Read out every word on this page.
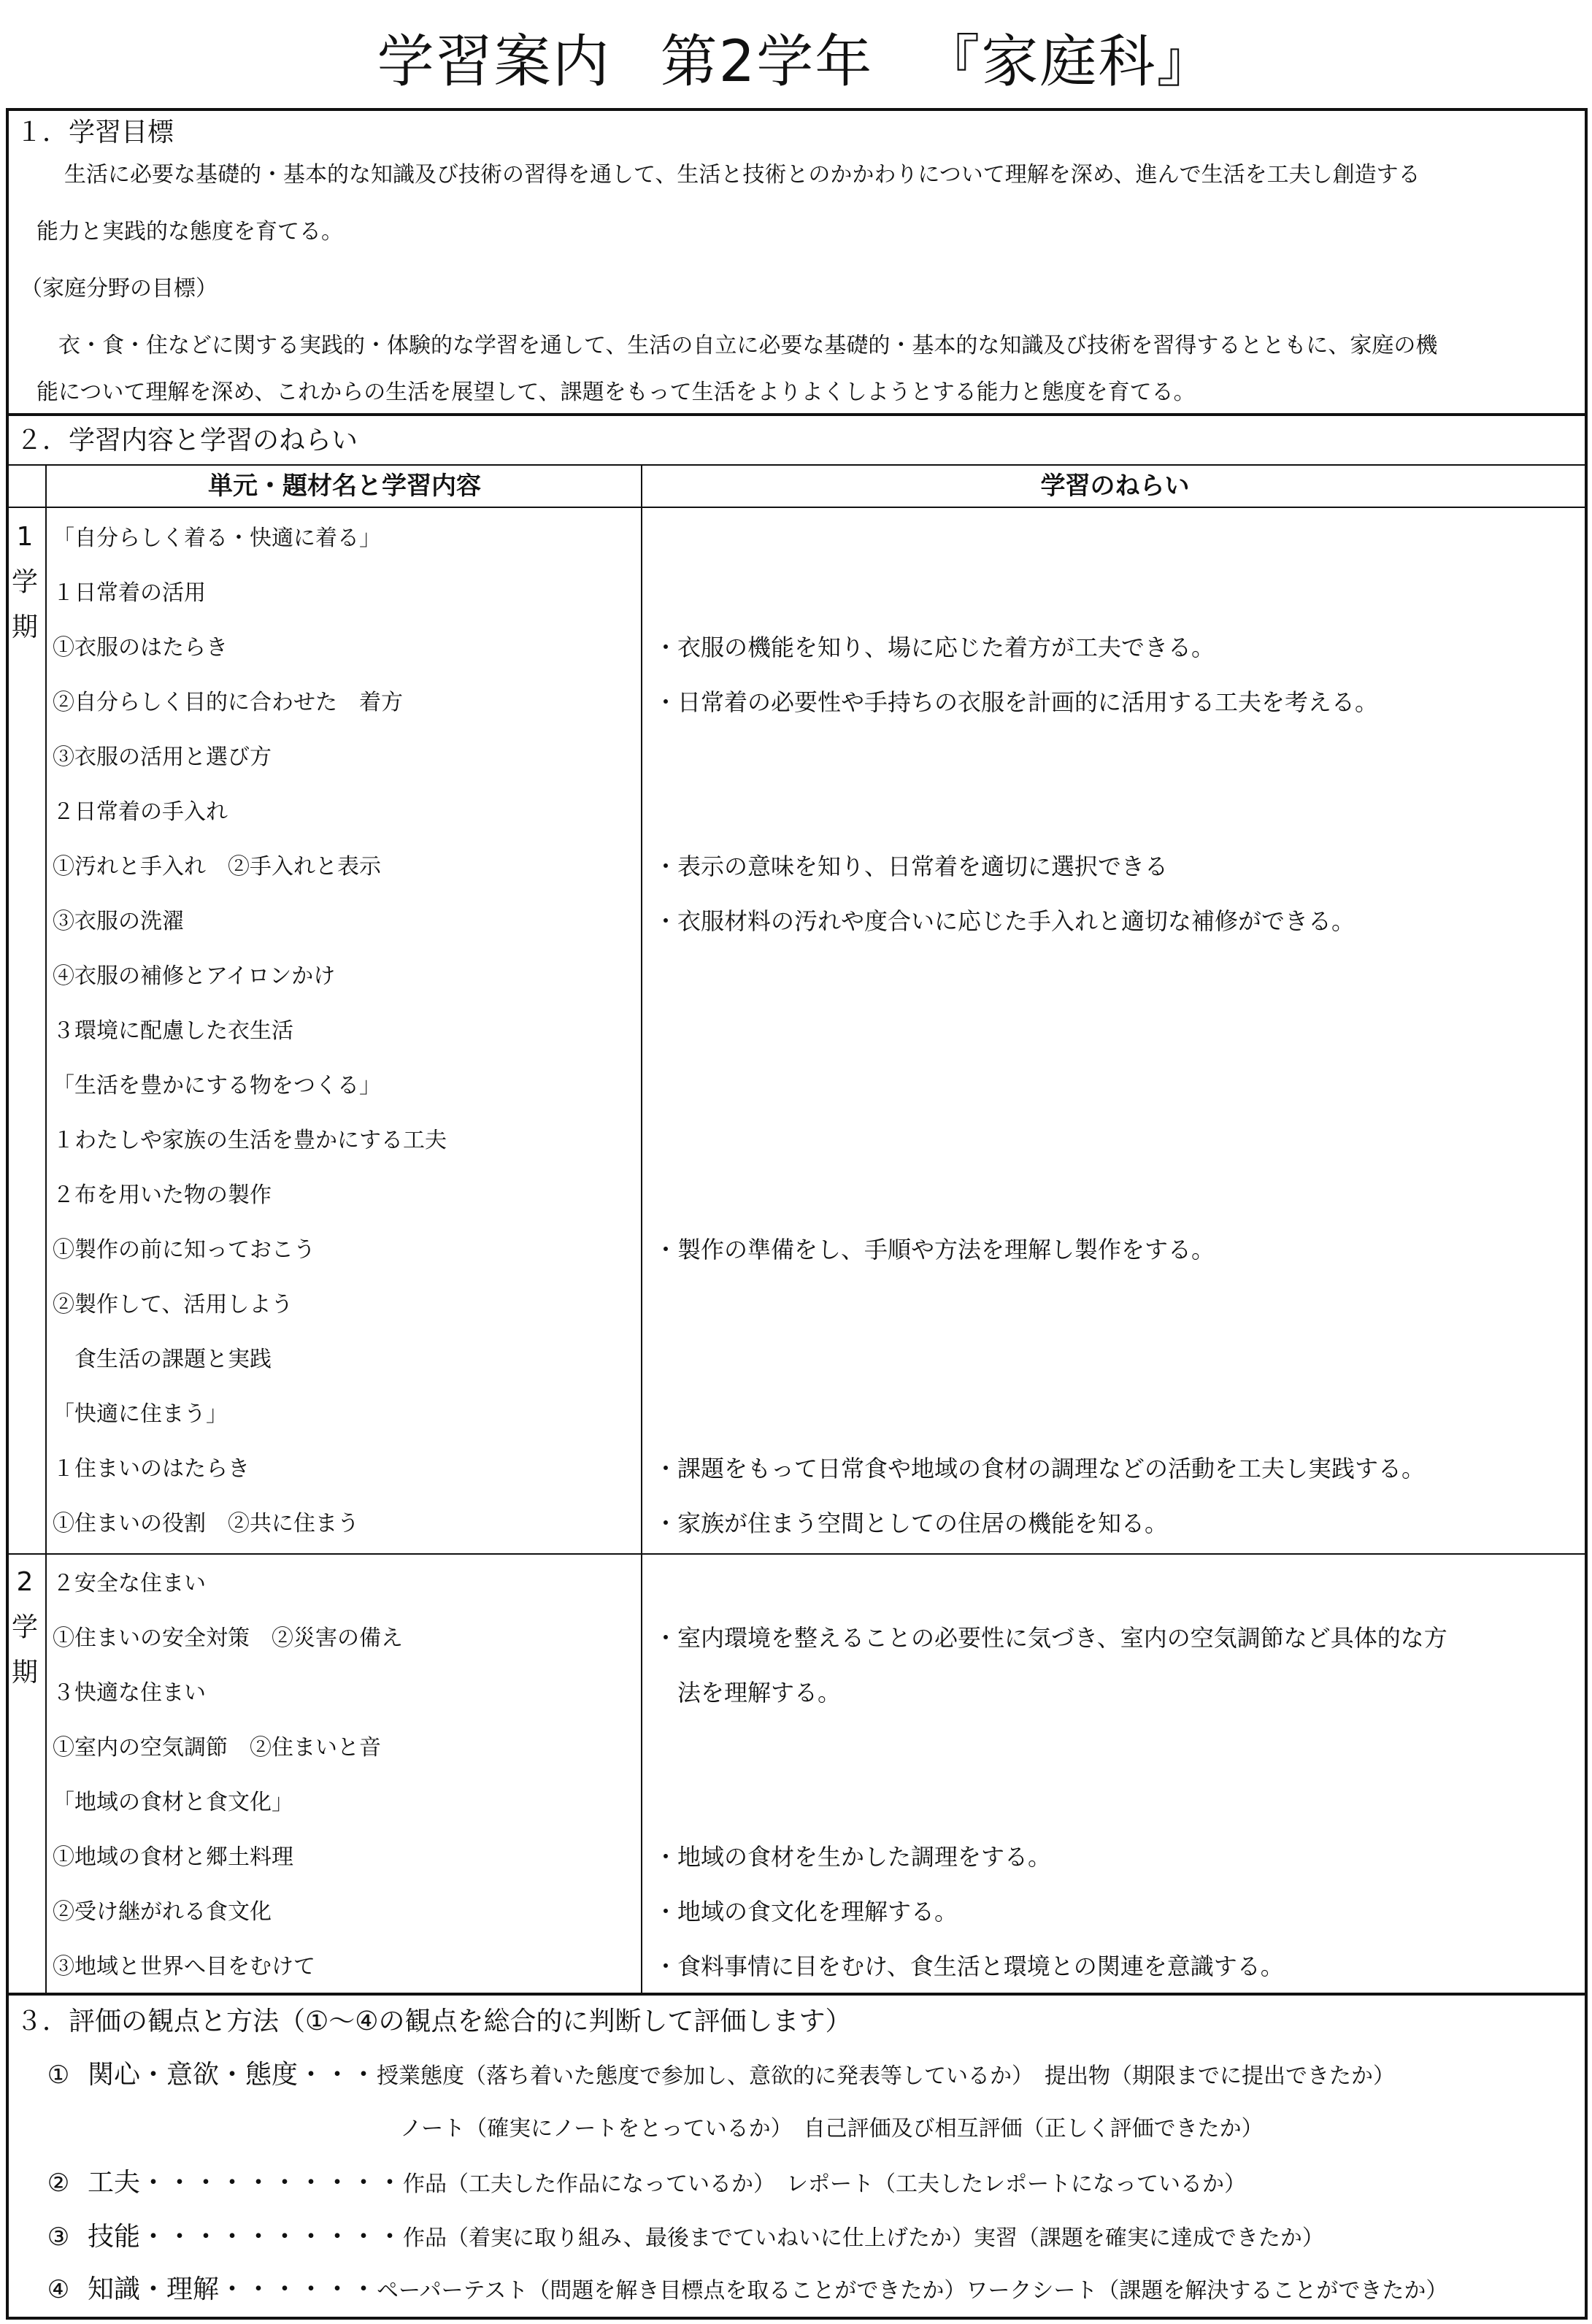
学習案内 第2学年 『家庭科』
１．学習目標
生活に必要な基礎的・基本的な知識及び技術の習得を通して、生活と技術とのかかわりについて理解を深め、進んで生活を工夫し創造する
能力と実践的な態度を育てる。
（家庭分野の目標）
衣・食・住などに関する実践的・体験的な学習を通して、生活の自立に必要な基礎的・基本的な知識及び技術を習得するとともに、家庭の機
能について理解を深め、これからの生活を展望して、課題をもって生活をよりよくしようとする能力と態度を育てる。
２．学習内容と学習のねらい
単元・題材名と学習内容	学習のねらい
1
学
期
「自分らしく着る・快適に着る」
１日常着の活用
①衣服のはたらき
②自分らしく目的に合わせた　着方
③衣服の活用と選び方
２日常着の手入れ
①汚れと手入れ　②手入れと表示
③衣服の洗濯
④衣服の補修とアイロンかけ
３環境に配慮した衣生活
「生活を豊かにする物をつくる」
１わたしや家族の生活を豊かにする工夫
２布を用いた物の製作
①製作の前に知っておこう
②製作して、活用しよう
　食生活の課題と実践
「快適に住まう」
１住まいのはたらき
①住まいの役割　②共に住まう
・衣服の機能を知り、場に応じた着方が工夫できる。
・日常着の必要性や手持ちの衣服を計画的に活用する工夫を考える。
・表示の意味を知り、日常着を適切に選択できる
・衣服材料の汚れや度合いに応じた手入れと適切な補修ができる。
・製作の準備をし、手順や方法を理解し製作をする。
・課題をもって日常食や地域の食材の調理などの活動を工夫し実践する。
・家族が住まう空間としての住居の機能を知る。
2
学
期
２安全な住まい
①住まいの安全対策　②災害の備え
３快適な住まい
①室内の空気調節　②住まいと音
「地域の食材と食文化」
①地域の食材と郷土料理
②受け継がれる食文化
③地域と世界へ目をむけて
・室内環境を整えることの必要性に気づき、室内の空気調節など具体的な方
　法を理解する。
・地域の食材を生かした調理をする。
・地域の食文化を理解する。
・食料事情に目をむけ、食生活と環境との関連を意識する。
３．評価の観点と方法（①～④の観点を総合的に判断して評価します）
① 関心・意欲・態度・・・授業態度（落ち着いた態度で参加し、意欲的に発表等しているか）　提出物（期限までに提出できたか）
ノート（確実にノートをとっているか）　自己評価及び相互評価（正しく評価できたか）
② 工夫・・・・・・・・・・作品（工夫した作品になっているか）　レポート（工夫したレポートになっているか）
③ 技能・・・・・・・・・・作品（着実に取り組み、最後までていねいに仕上げたか）実習（課題を確実に達成できたか）
④ 知識・理解・・・・・・ペーパーテスト（問題を解き目標点を取ることができたか）ワークシート（課題を解決することができたか）
